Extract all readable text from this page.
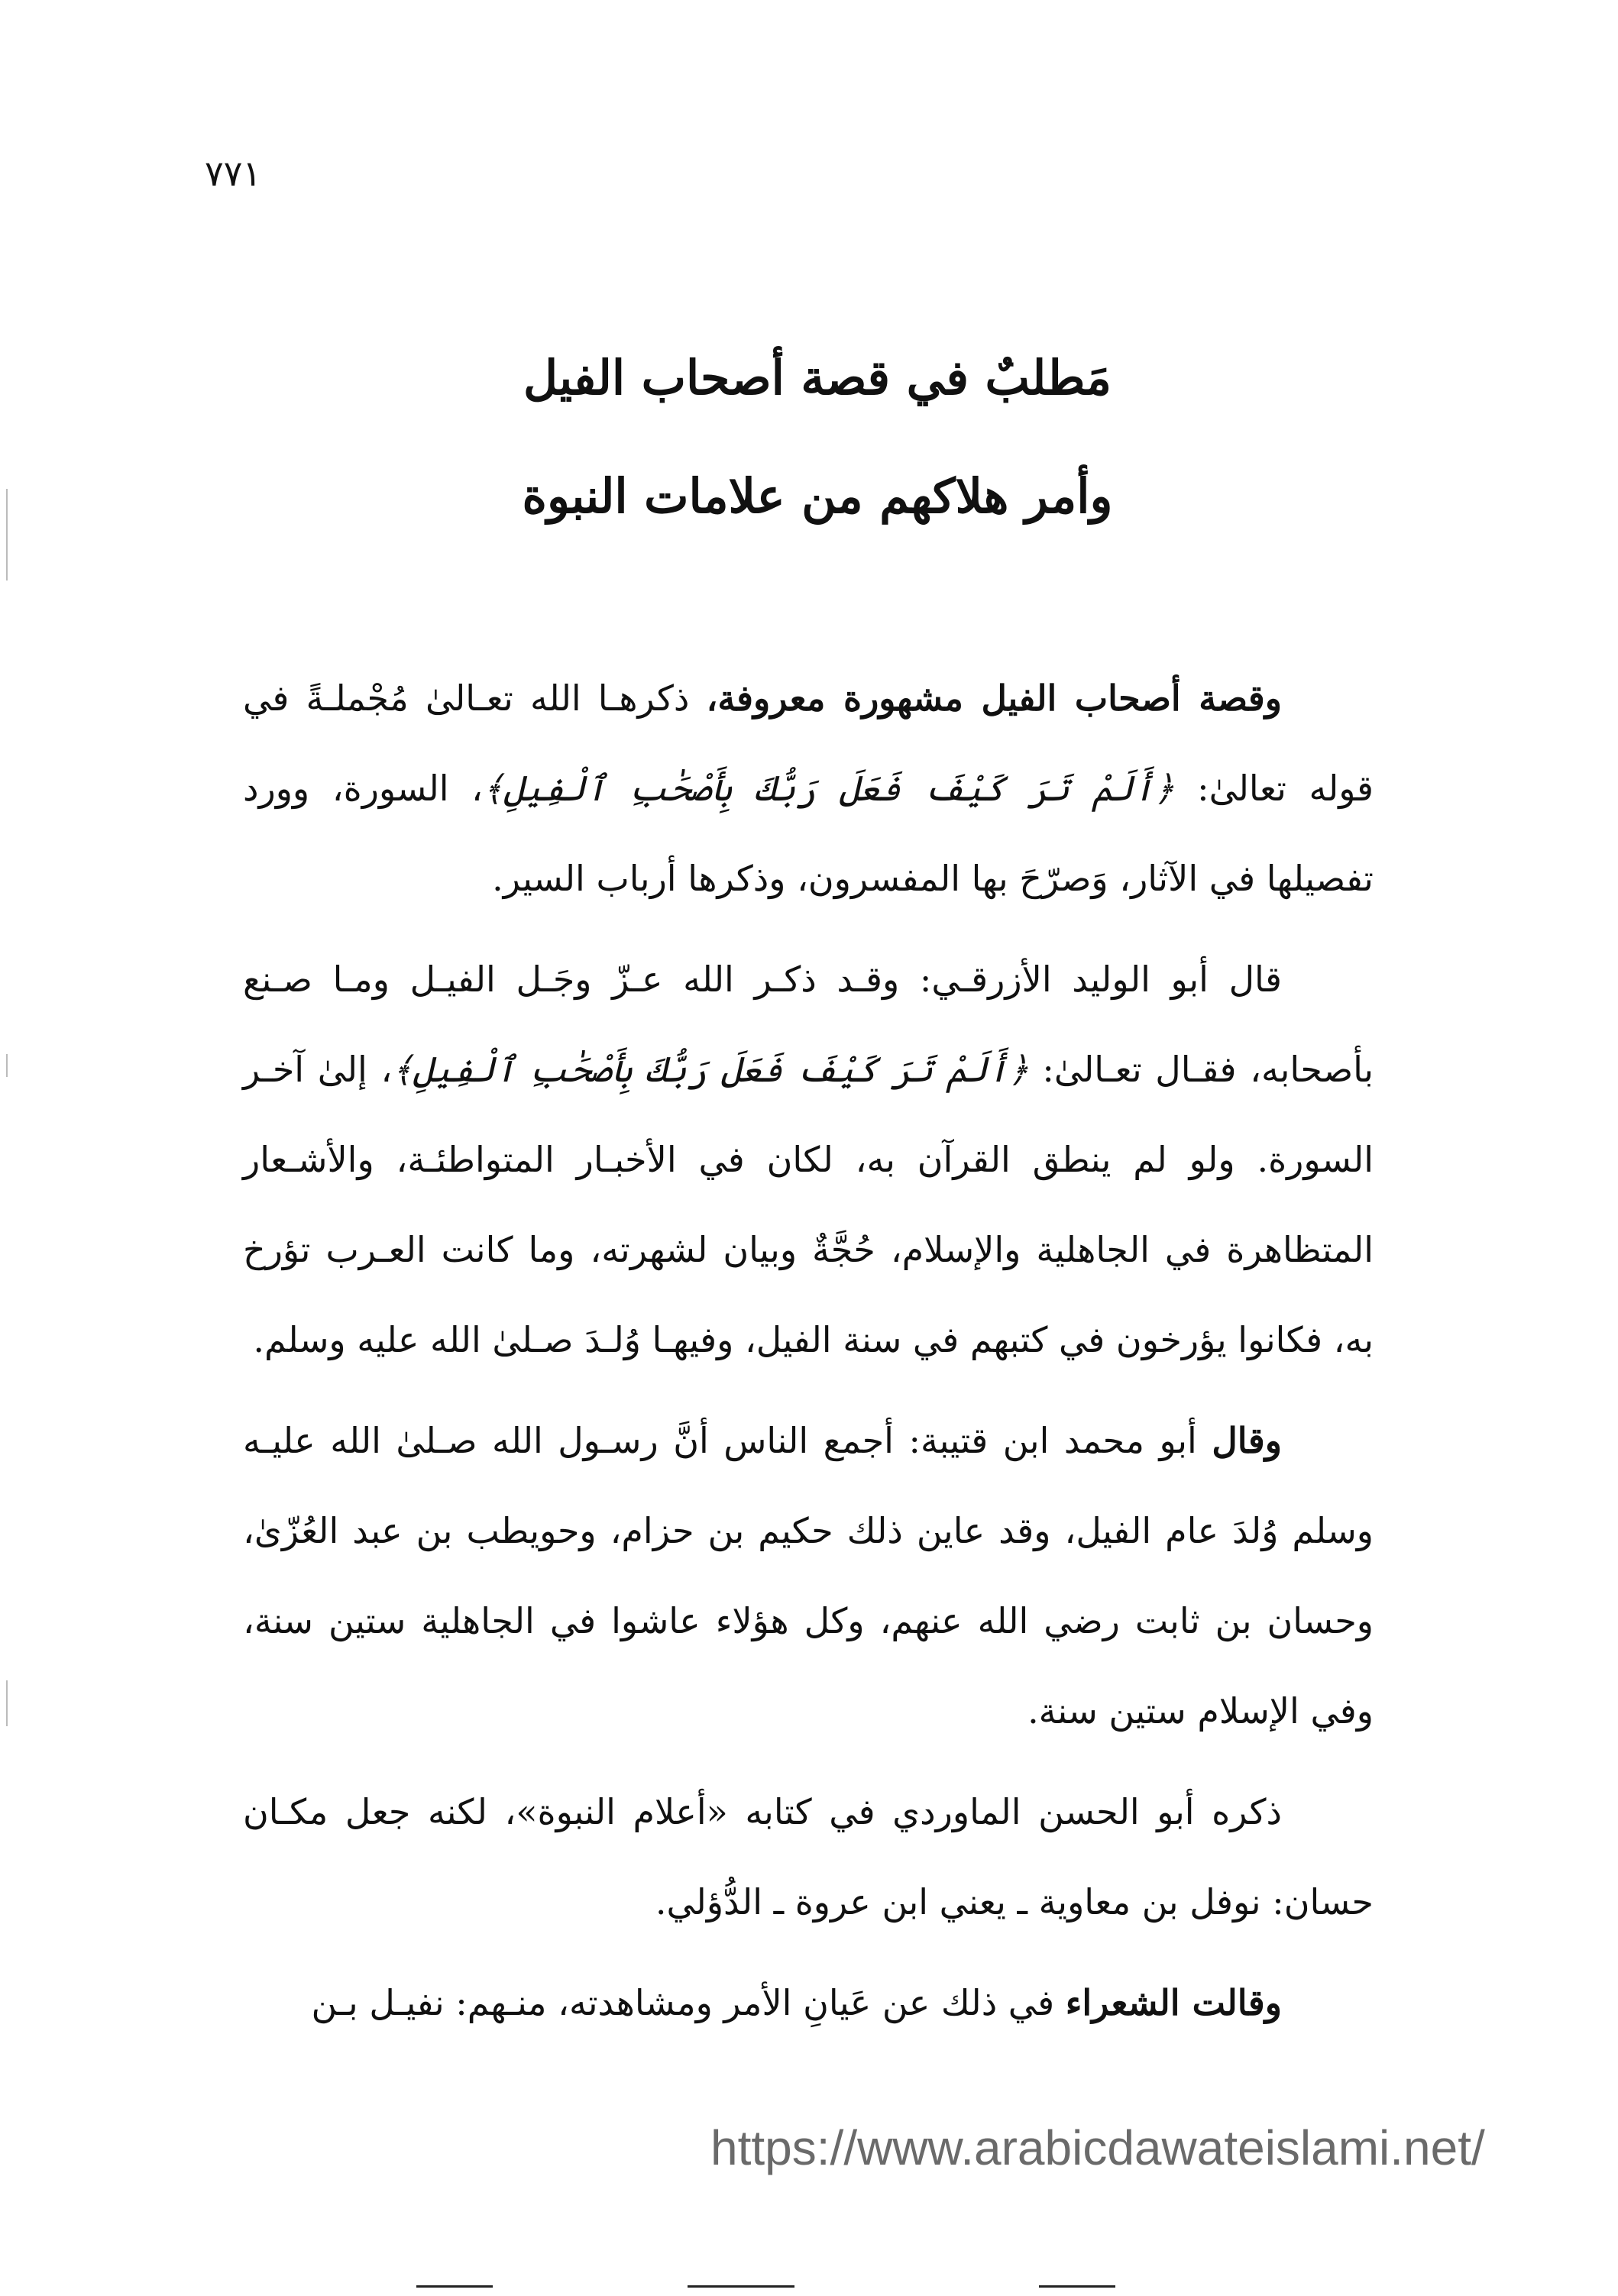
٧٧١
مَطلبٌ في قصة أصحاب الفيل
وأمر هلاكهم من علامات النبوة

وقصة أصحاب الفيل مشهورة معروفة، ذكرهـا الله تعـالىٰ مُجْملـةً في قوله تعالىٰ: ﴿أَلَمْ تَرَ كَيْفَ فَعَلَ رَبُّكَ بِأَصْحَٰبِ ٱلْفِيلِ﴾، السورة، وورد تفصيلها في الآثار، وَصرّحَ بها المفسرون، وذكرها أرباب السير.

قال أبو الوليد الأزرقـي: وقـد ذكـر الله عـزّ وجَـل الفيـل ومـا صـنع بأصحابه، فقـال تعـالىٰ: ﴿أَلَمْ تَرَ كَيْفَ فَعَلَ رَبُّكَ بِأَصْحَٰبِ ٱلْفِيلِ﴾، إلىٰ آخـر السورة. ولو لم ينطق القرآن به، لكان في الأخبـار المتواطئـة، والأشـعار المتظاهرة في الجاهلية والإسلام، حُجَّةٌ وبيان لشهرته، وما كانت العـرب تؤرخ به، فكانوا يؤرخون في كتبهم في سنة الفيل، وفيهـا وُلـدَ صـلىٰ الله عليه وسلم.

وقال أبو محمد ابن قتيبة: أجمع الناس أنَّ رسـول الله صـلىٰ الله عليـه وسلم وُلدَ عام الفيل، وقد عاين ذلك حكيم بن حزام، وحويطب بن عبد العُزّىٰ، وحسان بن ثابت رضي الله عنهم، وكل هؤلاء عاشوا في الجاهلية ستين سنة، وفي الإسلام ستين سنة.

ذكره أبو الحسن الماوردي في كتابه «أعلام النبوة»، لكنه جعل مكـان حسان: نوفل بن معاوية ـ يعني ابن عروة ـ الدُّؤلي.

وقالت الشعراء في ذلك عن عَيانِ الأمر ومشاهدته، منـهم: نفيـل بـن

https://www.arabicdawateislami.net/
